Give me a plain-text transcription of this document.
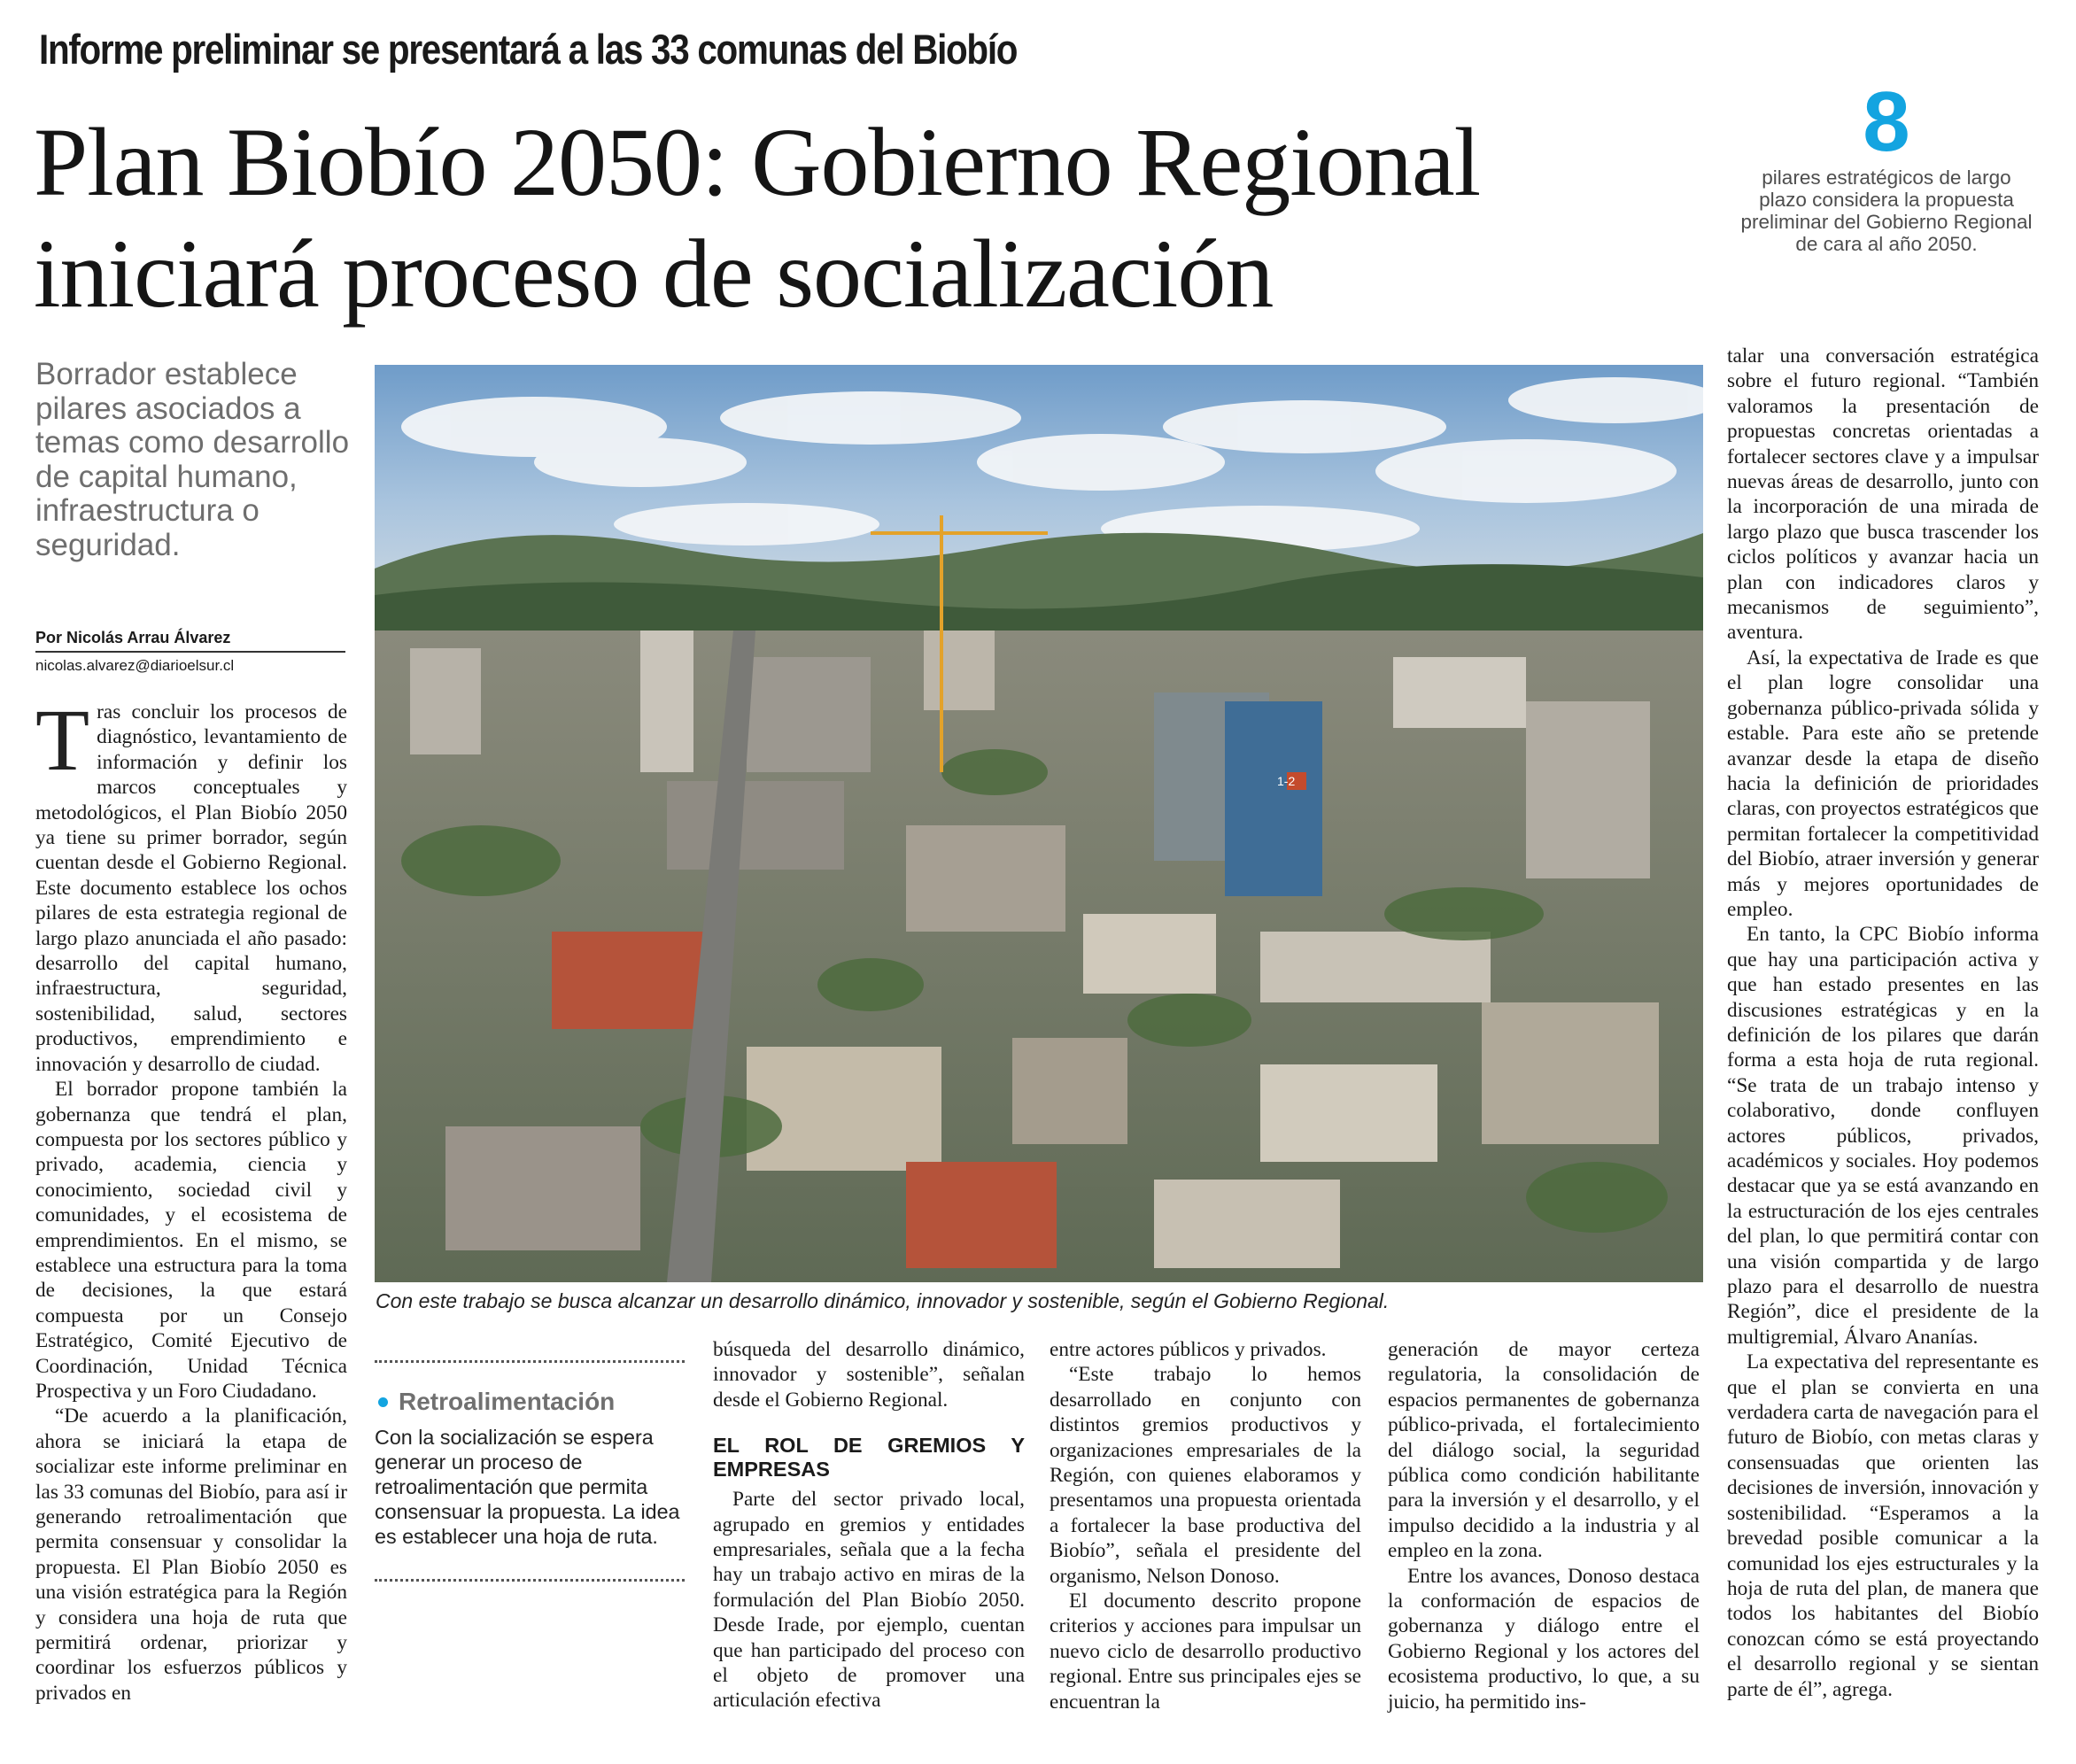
Informe preliminar se presentará a las 33 comunas del Biobío
Plan Biobío 2050: Gobierno Regional
iniciará proceso de socialización
8
pilares estratégicos de largo plazo considera la propuesta preliminar del Gobierno Regional de cara al año 2050.
Borrador establece pilares asociados a temas como desarrollo de capital humano, infraestructura o seguridad.
Por Nicolás Arrau Álvarez
nicolas.alvarez@diarioelsur.cl

Tras concluir los procesos de diagnóstico, levantamiento de información y definir los marcos conceptuales y metodológicos, el Plan Biobío 2050 ya tiene su primer borrador, según cuentan desde el Gobierno Regional. Este documento establece los ochos pilares de esta estrategia regional de largo plazo anunciada el año pasado: desarrollo del capital humano, infraestructura, seguridad, sostenibilidad, salud, sectores productivos, emprendimiento e innovación y desarrollo de ciudad.

El borrador propone también la gobernanza que tendrá el plan, compuesta por los sectores público y privado, academia, ciencia y conocimiento, sociedad civil y comunidades, y el ecosistema de emprendimientos. En el mismo, se establece una estructura para la toma de decisiones, la que estará compuesta por un Consejo Estratégico, Comité Ejecutivo de Coordinación, Unidad Técnica Prospectiva y un Foro Ciudadano.

“De acuerdo a la planificación, ahora se iniciará la etapa de socializar este informe preliminar en las 33 comunas del Biobío, para así ir generando retroalimentación que permita consensuar y consolidar la propuesta. El Plan Biobío 2050 es una visión estratégica para la Región y considera una hoja de ruta que permitirá ordenar, priorizar y coordinar los esfuerzos públicos y privados en

1-2
Con este trabajo se busca alcanzar un desarrollo dinámico, innovador y sostenible, según el Gobierno Regional.
Retroalimentación
Con la socialización se espera generar un proceso de retroalimentación que permita consensuar la propuesta. La idea es establecer una hoja de ruta.

búsqueda del desarrollo dinámico, innovador y sostenible”, señalan desde el Gobierno Regional.

EL ROL DE GREMIOS Y EMPRESAS

Parte del sector privado local, agrupado en gremios y entidades empresariales, señala que a la fecha hay un trabajo activo en miras de la formulación del Plan Biobío 2050. Desde Irade, por ejemplo, cuentan que han participado del proceso con el objeto de promover una articulación efectiva

entre actores públicos y privados.

“Este trabajo lo hemos desarrollado en conjunto con distintos gremios productivos y organizaciones empresariales de la Región, con quienes elaboramos y presentamos una propuesta orientada a fortalecer la base productiva del Biobío”, señala el presidente del organismo, Nelson Donoso.

El documento descrito propone criterios y acciones para impulsar un nuevo ciclo de desarrollo productivo regional. Entre sus principales ejes se encuentran la

generación de mayor certeza regulatoria, la consolidación de espacios permanentes de gobernanza público-privada, el fortalecimiento del diálogo social, la seguridad pública como condición habilitante para la inversión y el desarrollo, y el impulso decidido a la industria y al empleo en la zona.

Entre los avances, Donoso destaca la conformación de espacios de gobernanza y diálogo entre el Gobierno Regional y los actores del ecosistema productivo, lo que, a su juicio, ha permitido ins-

talar una conversación estratégica sobre el futuro regional. “También valoramos la presentación de propuestas concretas orientadas a fortalecer sectores clave y a impulsar nuevas áreas de desarrollo, junto con la incorporación de una mirada de largo plazo que busca trascender los ciclos políticos y avanzar hacia un plan con indicadores claros y mecanismos de seguimiento”, aventura.

Así, la expectativa de Irade es que el plan logre consolidar una gobernanza público-privada sólida y estable. Para este año se pretende avanzar desde la etapa de diseño hacia la definición de prioridades claras, con proyectos estratégicos que permitan fortalecer la competitividad del Biobío, atraer inversión y generar más y mejores oportunidades de empleo.

En tanto, la CPC Biobío informa que hay una participación activa y que han estado presentes en las discusiones estratégicas y en la definición de los pilares que darán forma a esta hoja de ruta regional. “Se trata de un trabajo intenso y colaborativo, donde confluyen actores públicos, privados, académicos y sociales. Hoy podemos destacar que ya se está avanzando en la estructuración de los ejes centrales del plan, lo que permitirá contar con una visión compartida y de largo plazo para el desarrollo de nuestra Región”, dice el presidente de la multigremial, Álvaro Ananías.

La expectativa del representante es que el plan se convierta en una verdadera carta de navegación para el futuro de Biobío, con metas claras y consensuadas que orienten las decisiones de inversión, innovación y sostenibilidad. “Esperamos a la brevedad posible comunicar a la comunidad los ejes estructurales y la hoja de ruta del plan, de manera que todos los habitantes del Biobío conozcan cómo se está proyectando el desarrollo regional y se sientan parte de él”, agrega.
